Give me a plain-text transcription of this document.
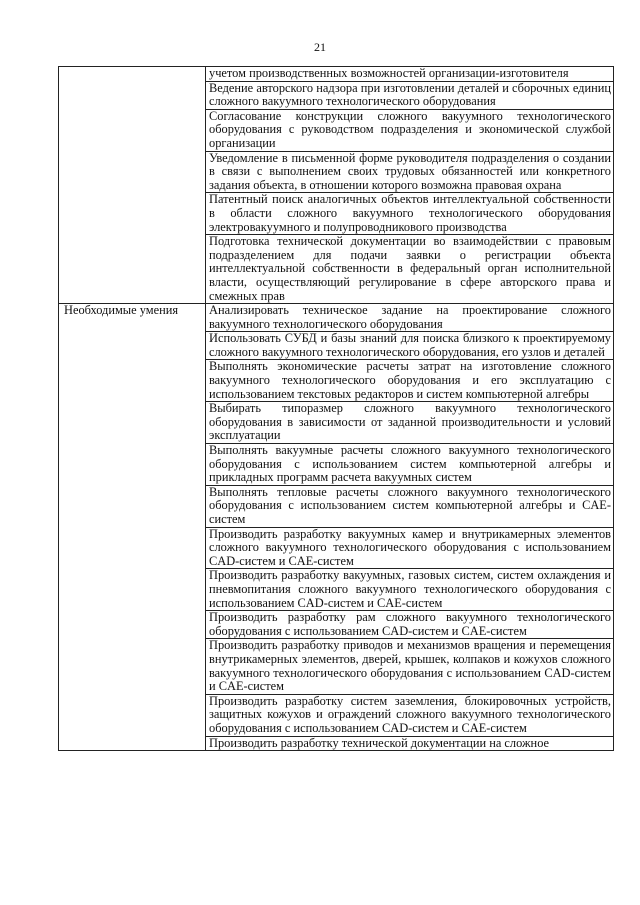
21

	учетом производственных возможностей организации-изготовителя

	Ведение авторского надзора при изготовлении деталей и сборочных единиц сложного вакуумного технологического оборудования

	Согласование конструкции сложного вакуумного технологического оборудования с руководством подразделения и экономической службой организации

	Уведомление в письменной форме руководителя подразделения о создании в связи с выполнением своих трудовых обязанностей или конкретного задания объекта, в отношении которого возможна правовая охрана

	Патентный поиск аналогичных объектов интеллектуальной собственности в области сложного вакуумного технологического оборудования электровакуумного и полупроводникового производства

	Подготовка технической документации во взаимодействии с правовым подразделением для подачи заявки о регистрации объекта интеллектуальной собственности в федеральный орган исполнительной власти, осуществляющий регулирование в сфере авторского права и смежных прав

Необходимые умения	Анализировать техническое задание на проектирование сложного вакуумного технологического оборудования

	Использовать СУБД и базы знаний для поиска близкого к проектируемому сложного вакуумного технологического оборудования, его узлов и деталей

	Выполнять экономические расчеты затрат на изготовление сложного вакуумного технологического оборудования и его эксплуатацию с использованием текстовых редакторов и систем компьютерной алгебры

	Выбирать типоразмер сложного вакуумного технологического оборудования в зависимости от заданной производительности и условий эксплуатации

	Выполнять вакуумные расчеты сложного вакуумного технологического оборудования с использованием систем компьютерной алгебры и прикладных программ расчета вакуумных систем

	Выполнять тепловые расчеты сложного вакуумного технологического оборудования с использованием систем компьютерной алгебры и CAE-систем

	Производить разработку вакуумных камер и внутрикамерных элементов сложного вакуумного технологического оборудования с использованием CAD-систем и CAE-систем

	Производить разработку вакуумных, газовых систем, систем охлаждения и пневмопитания сложного вакуумного технологического оборудования с использованием CAD-систем и CAE-систем

	Производить разработку рам сложного вакуумного технологического оборудования с использованием CAD-систем и CAE-систем

	Производить разработку приводов и механизмов вращения и перемещения внутрикамерных элементов, дверей, крышек, колпаков и кожухов сложного вакуумного технологического оборудования с использованием CAD-систем и CAE-систем

	Производить разработку систем заземления, блокировочных устройств, защитных кожухов и ограждений сложного вакуумного технологического оборудования с использованием CAD-систем и CAE-систем

	Производить разработку технической документации на сложное
